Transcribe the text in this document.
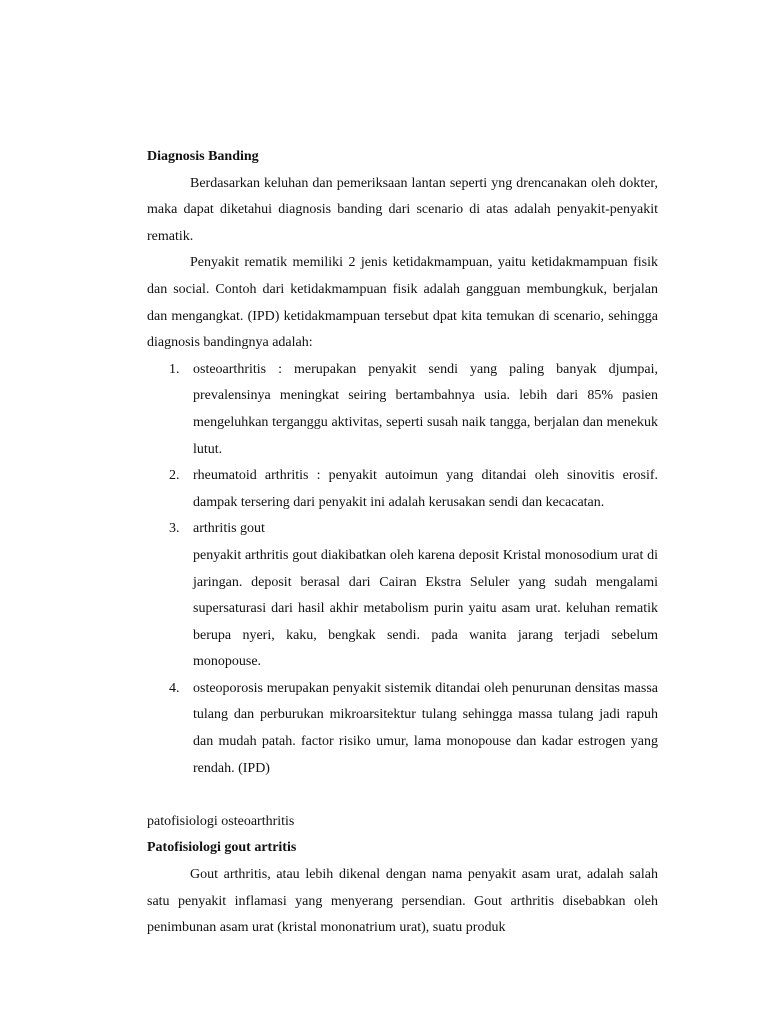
Diagnosis Banding

Berdasarkan keluhan dan pemeriksaan lantan seperti yng drencanakan oleh dokter, maka dapat diketahui diagnosis banding dari scenario di atas adalah penyakit-penyakit rematik.

Penyakit rematik memiliki 2 jenis ketidakmampuan, yaitu ketidakmampuan fisik dan social. Contoh dari ketidakmampuan fisik adalah gangguan membungkuk, berjalan dan mengangkat. (IPD) ketidakmampuan tersebut dpat kita temukan di scenario, sehingga diagnosis bandingnya adalah:

1. osteoarthritis : merupakan penyakit sendi yang paling banyak djumpai, prevalensinya meningkat seiring bertambahnya usia. lebih dari 85% pasien mengeluhkan terganggu aktivitas, seperti susah naik tangga, berjalan dan menekuk lutut.
2. rheumatoid arthritis : penyakit autoimun yang ditandai oleh sinovitis erosif. dampak tersering dari penyakit ini adalah kerusakan sendi dan kecacatan.
3. arthritis gout
penyakit arthritis gout diakibatkan oleh karena deposit Kristal monosodium urat di jaringan. deposit berasal dari Cairan Ekstra Seluler yang sudah mengalami supersaturasi dari hasil akhir metabolism purin yaitu asam urat. keluhan rematik berupa nyeri, kaku, bengkak sendi. pada wanita jarang terjadi sebelum monopouse.
4. osteoporosis merupakan penyakit sistemik ditandai oleh penurunan densitas massa tulang dan perburukan mikroarsitektur tulang sehingga massa tulang jadi rapuh dan mudah patah. factor risiko umur, lama monopouse dan kadar estrogen yang rendah. (IPD)

patofisiologi osteoarthritis

Patofisiologi gout artritis

Gout arthritis, atau lebih dikenal dengan nama penyakit asam urat, adalah salah satu penyakit inflamasi yang menyerang persendian. Gout arthritis disebabkan oleh penimbunan asam urat (kristal mononatrium urat), suatu produk
